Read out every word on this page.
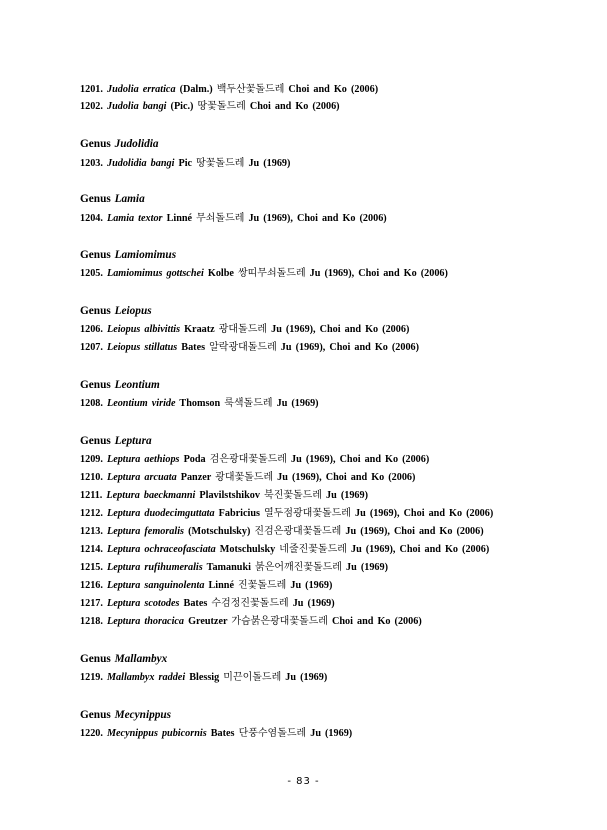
1201. Judolia erratica (Dalm.) 백두산꽃돌드레 Choi and Ko (2006)
1202. Judolia bangi (Pic.) 땅꽃돌드레 Choi and Ko (2006)
Genus Judolidia
1203. Judolidia bangi Pic 땅꽃돌드레 Ju (1969)
Genus Lamia
1204. Lamia textor Linné 무쇠돌드레 Ju (1969), Choi and Ko (2006)
Genus Lamiomimus
1205. Lamiomimus gottschei Kolbe 쌍띠무쇠돌드레 Ju (1969), Choi and Ko (2006)
Genus Leiopus
1206. Leiopus albivittis Kraatz 광대돌드레 Ju (1969), Choi and Ko (2006)
1207. Leiopus stillatus Bates 알락광대돌드레 Ju (1969), Choi and Ko (2006)
Genus Leontium
1208. Leontium viride Thomson 룩색돌드레 Ju (1969)
Genus Leptura
1209. Leptura aethiops Poda 검은광대꽃돌드레 Ju (1969), Choi and Ko (2006)
1210. Leptura arcuata Panzer 광대꽃돌드레 Ju (1969), Choi and Ko (2006)
1211. Leptura baeckmanni Plavilstshikov 북진꽃돌드레 Ju (1969)
1212. Leptura duodecimguttata Fabricius 열두점광대꽃돌드레 Ju (1969), Choi and Ko (2006)
1213. Leptura femoralis (Motschulsky) 진검은광대꽃돌드레 Ju (1969), Choi and Ko (2006)
1214. Leptura ochraceofasciata Motschulsky 네줄진꽃돌드레 Ju (1969), Choi and Ko (2006)
1215. Leptura rufihumeralis Tamanuki 붉은어깨진꽃돌드레 Ju (1969)
1216. Leptura sanguinolenta Linné 진꽃돌드레 Ju (1969)
1217. Leptura scotodes Bates 수검정진꽃돌드레 Ju (1969)
1218. Leptura thoracica Greutzer 가슴붉은광대꽃돌드레 Choi and Ko (2006)
Genus Mallambyx
1219. Mallambyx raddei Blessig 미끈이돌드레 Ju (1969)
Genus Mecynippus
1220. Mecynippus pubicornis Bates 단풍수염돌드레 Ju (1969)
- 83 -
